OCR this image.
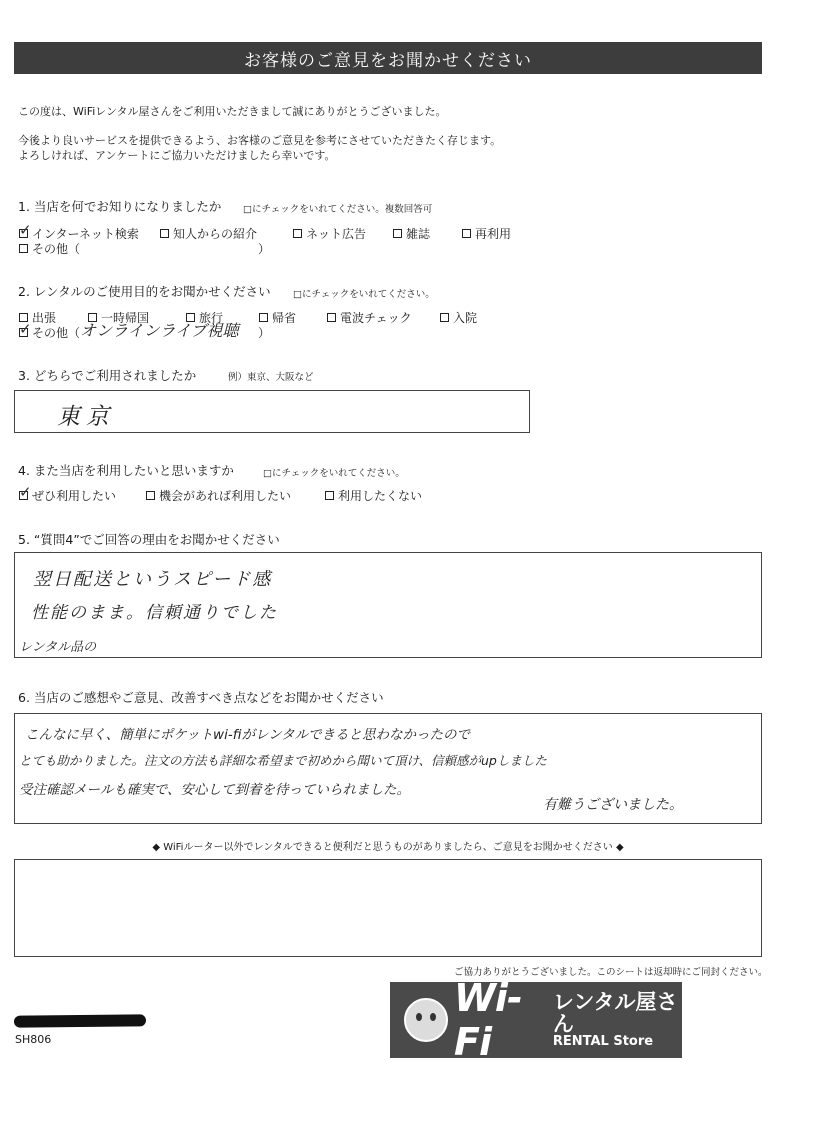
お客様のご意見をお聞かせください
この度は、WiFiレンタル屋さんをご利用いただきまして誠にありがとうございました。
今後より良いサービスを提供できるよう、お客様のご意見を参考にさせていただきたく存じます。
よろしければ、アンケートにご協力いただけましたら幸いです。
1. 当店を何でお知りになりましたか □にチェックをいれてください。複数回答可
✓
インターネット検索	知人からの紹介	ネット広告	雑誌	再利用
その他（	）
2. レンタルのご使用目的をお聞かせください □にチェックをいれてください。
出張	一時帰国	旅行	帰省	電波チェック	入院
✓
その他（ オンラインライブ視聴 ）
3. どちらでご利用されましたか	例）東京、大阪など
東京
4. また当店を利用したいと思いますか	□にチェックをいれてください。
✓
ぜひ利用したい	機会があれば利用したい	利用したくない
5. “質問4”でご回答の理由をお聞かせください
翌日配送というスピード感
性能のまま。信頼通りでした
レンタル品の
6. 当店のご感想やご意見、改善すべき点などをお聞かせください
こんなに早く、簡単にポケットwi-fiがレンタルできると思わなかったので
とても助かりました。注文の方法も詳細な希望まで初めから聞いて頂け、信頼感がupしました
受注確認メールも確実で、安心して到着を待っていられました。
有難うございました。
◆ WiFiルーター以外でレンタルできると便利だと思うものがありましたら、ご意見をお聞かせください ◆
ご協力ありがとうございました。このシートは返却時にご同封ください。
SH806
Wi-Fi
レンタル屋さん
RENTAL Store
